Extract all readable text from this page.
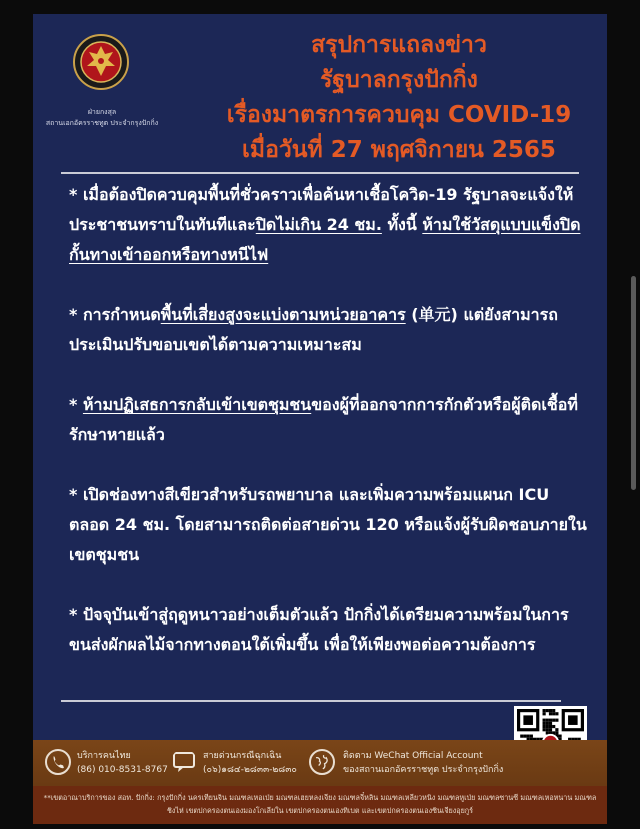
ฝ่ายกงสุล
สถานเอกอัครราชทูต ประจำกรุงปักกิ่ง
สรุปการแถลงข่าว
รัฐบาลกรุงปักกิ่ง
เรื่องมาตรการควบคุม COVID-19
เมื่อวันที่ 27 พฤศจิกายน 2565
* เมื่อต้องปิดควบคุมพื้นที่ชั่วคราวเพื่อค้นหาเชื้อโควิด-19 รัฐบาลจะแจ้งให้ประชาชนทราบในทันทีและปิดไม่เกิน 24 ชม. ทั้งนี้ ห้ามใช้วัสดุแบบแข็งปิดกั้นทางเข้าออกหรือทางหนีไฟ
* การกำหนดพื้นที่เสี่ยงสูงจะแบ่งตามหน่วยอาคาร (单元) แต่ยังสามารถประเมินปรับขอบเขตได้ตามความเหมาะสม
* ห้ามปฏิเสธการกลับเข้าเขตชุมชนของผู้ที่ออกจากการกักตัวหรือผู้ติดเชื้อที่รักษาหายแล้ว
* เปิดช่องทางสีเขียวสำหรับรถพยาบาล และเพิ่มความพร้อมแผนก ICU ตลอด 24 ชม. โดยสามารถติดต่อสายด่วน 120 หรือแจ้งผู้รับผิดชอบภายในเขตชุมชน
* ปัจจุบันเข้าสู่ฤดูหนาวอย่างเต็มตัวแล้ว ปักกิ่งได้เตรียมความพร้อมในการขนส่งผักผลไม้จากทางตอนใต้เพิ่มขึ้น เพื่อให้เพียงพอต่อความต้องการ
บริการคนไทย
(86) 010-8531-8767
สายด่วนกรณีฉุกเฉิน
(๐๖)๑๘๔-๒๘๓๓-๒๘๓๐
ติดตาม WeChat Official Account
ของสถานเอกอัครราชทูต ประจำกรุงปักกิ่ง
**เขตอาณาบริการของ สอท. ปักกิ่ง: กรุงปักกิ่ง นครเทียนจิน มณฑลเหอเป่ย มณฑลเฮยหลงเจียง มณฑลจี๋หลิน มณฑลเหลียวหนิง มณฑลหูเป่ย มณฑลซานซี มณฑลเหอหนาน มณฑลชิงไห่ เขตปกครองตนเองมองโกเลียใน เขตปกครองตนเองทิเบต และเขตปกครองตนเองซินเจียงอุยกูร์
